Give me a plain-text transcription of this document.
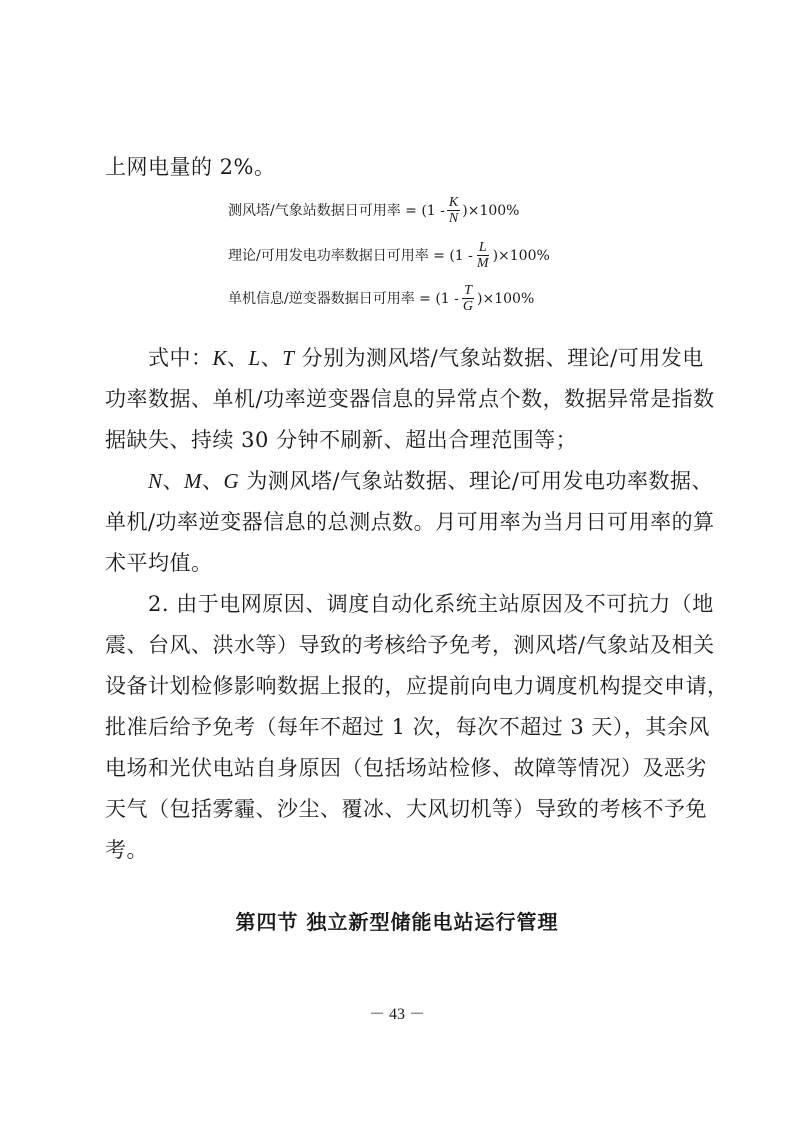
上网电量的 2%。
测风塔/气象站数据日可用率 = $(1 - \frac{K}{N} )\times 100\%$
理论/可用发电功率数据日可用率 = $(1 - \frac{L}{M} )\times 100\%$
单机信息/逆变器数据日可用率 = $(1 - \frac{T}{G} )\times 100\%$
式中：K、L、T 分别为测风塔/气象站数据、理论/可用发电
功率数据、单机/功率逆变器信息的异常点个数，数据异常是指数
据缺失、持续 30 分钟不刷新、超出合理范围等；
N、M、G 为测风塔/气象站数据、理论/可用发电功率数据、
单机/功率逆变器信息的总测点数。月可用率为当月日可用率的算
术平均值。
2. 由于电网原因、调度自动化系统主站原因及不可抗力（地
震、台风、洪水等）导致的考核给予免考，测风塔/气象站及相关
设备计划检修影响数据上报的，应提前向电力调度机构提交申请，
批准后给予免考（每年不超过 1 次，每次不超过 3 天），其余风
电场和光伏电站自身原因（包括场站检修、故障等情况）及恶劣
天气（包括雾霾、沙尘、覆冰、大风切机等）导致的考核不予免
考。
第四节 独立新型储能电站运行管理
－ 43 －
